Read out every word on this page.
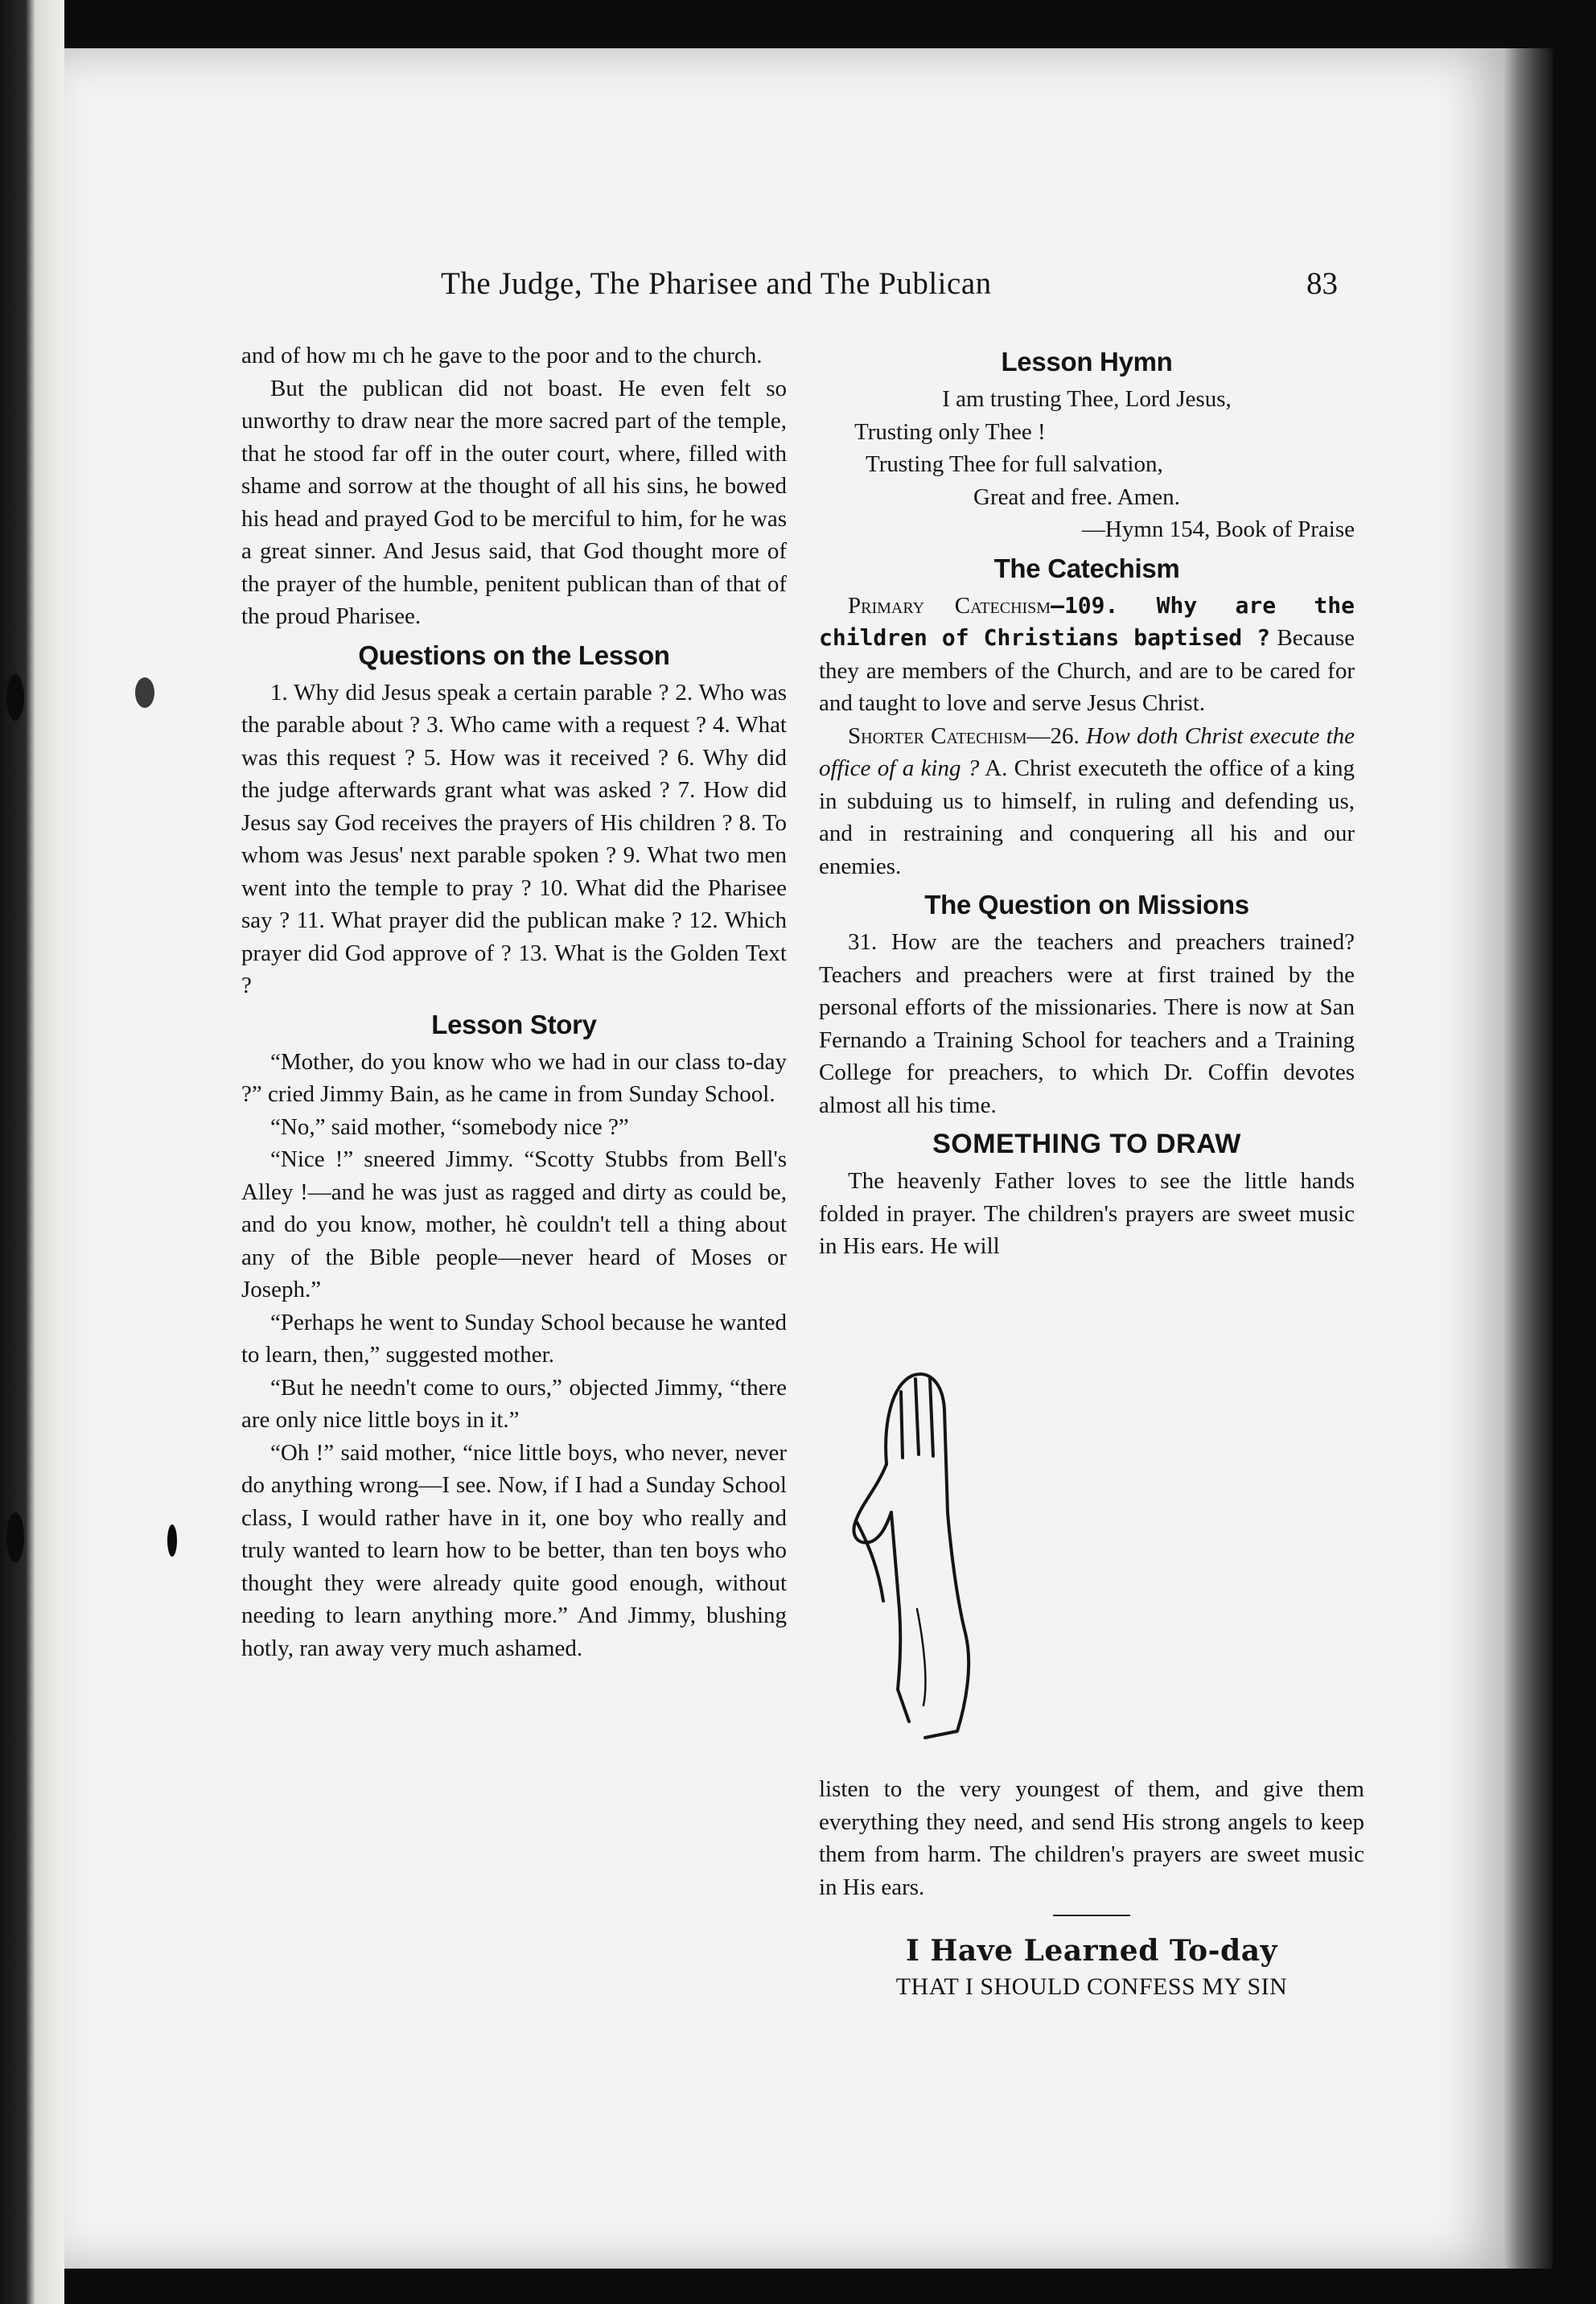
The Judge, The Pharisee and The Publican	83

and of how mı ch he gave to the poor and to the church.

But the publican did not boast. He even felt so unworthy to draw near the more sacred part of the temple, that he stood far off in the outer court, where, filled with shame and sorrow at the thought of all his sins, he bowed his head and prayed God to be merciful to him, for he was a great sinner. And Jesus said, that God thought more of the prayer of the humble, penitent publican than of that of the proud Pharisee.

Questions on the Lesson

1. Why did Jesus speak a certain parable ? 2. Who was the parable about ? 3. Who came with a request ? 4. What was this request ? 5. How was it received ? 6. Why did the judge afterwards grant what was asked ? 7. How did Jesus say God receives the prayers of His children ? 8. To whom was Jesus' next parable spoken ? 9. What two men went into the temple to pray ? 10. What did the Pharisee say ? 11. What prayer did the publican make ? 12. Which prayer did God approve of ? 13. What is the Golden Text ?

Lesson Story

“Mother, do you know who we had in our class to-day ?” cried Jimmy Bain, as he came in from Sunday School.

“No,” said mother, “somebody nice ?”

“Nice !” sneered Jimmy. “Scotty Stubbs from Bell's Alley !—and he was just as ragged and dirty as could be, and do you know, mother, hè couldn't tell a thing about any of the Bible people—never heard of Moses or Joseph.”

“Perhaps he went to Sunday School because he wanted to learn, then,” suggested mother.

“But he needn't come to ours,” objected Jimmy, “there are only nice little boys in it.”

“Oh !” said mother, “nice little boys, who never, never do anything wrong—I see. Now, if I had a Sunday School class, I would rather have in it, one boy who really and truly wanted to learn how to be better, than ten boys who thought they were already quite good enough, without needing to learn anything more.” And Jimmy, blushing hotly, ran away very much ashamed.

Lesson Hymn
I am trusting Thee, Lord Jesus,
Trusting only Thee !
Trusting Thee for full salvation,
Great and free. Amen.
—Hymn 154, Book of Praise
The Catechism

Primary Catechism—109. Why are the children of Christians baptised ? Because they are members of the Church, and are to be cared for and taught to love and serve Jesus Christ.

Shorter Catechism—26. How doth Christ execute the office of a king ? A. Christ executeth the office of a king in subduing us to himself, in ruling and defending us, and in restraining and conquering all his and our enemies.

The Question on Missions

31. How are the teachers and preachers trained? Teachers and preachers were at first trained by the personal efforts of the missionaries. There is now at San Fernando a Training School for teachers and a Training College for preachers, to which Dr. Coffin devotes almost all his time.

SOMETHING TO DRAW

The heavenly Father loves to see the little hands folded in prayer. The children's prayers are sweet music in His ears. He will

listen to the very youngest of them, and give them everything they need, and send His strong angels to keep them from harm. The children's prayers are sweet music in His ears.

I Have Learned To-day
THAT I SHOULD CONFESS MY SIN
